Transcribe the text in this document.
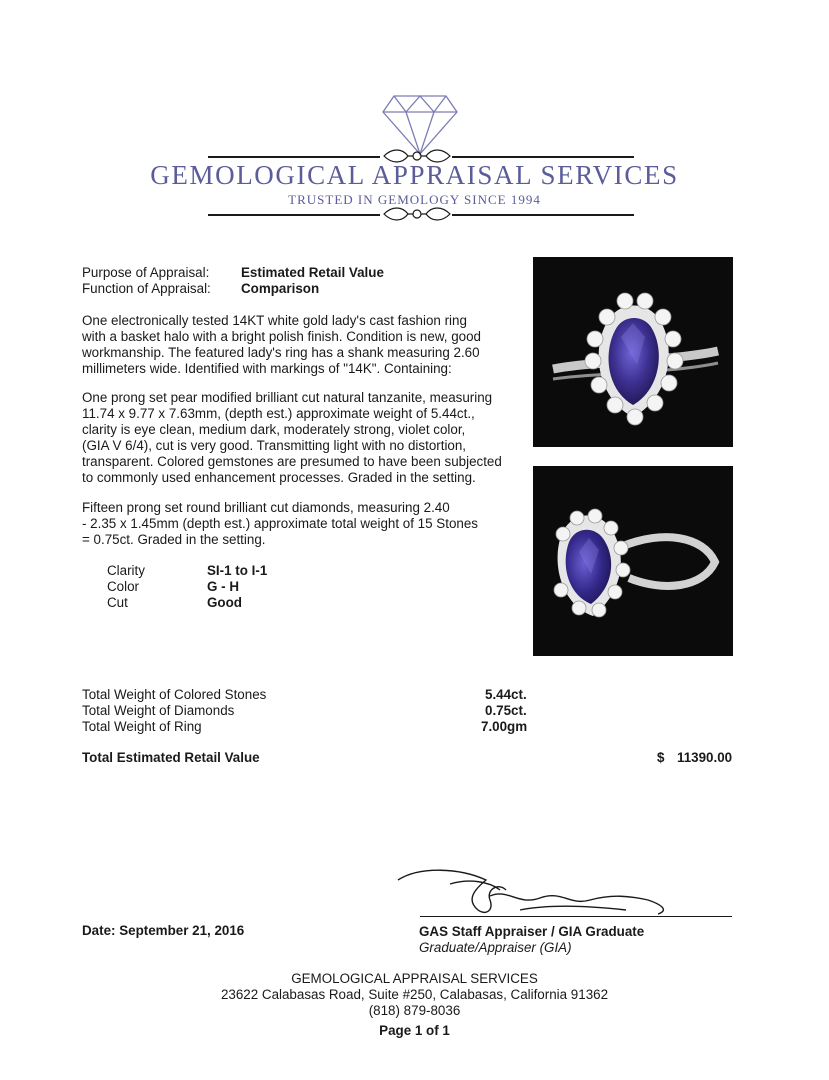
GEMOLOGICAL APPRAISAL SERVICES
TRUSTED IN GEMOLOGY SINCE 1994
Purpose of Appraisal: Estimated Retail Value
Function of Appraisal: Comparison
One electronically tested 14KT white gold lady's cast fashion ring
with a basket halo with a bright polish finish. Condition is new, good
workmanship. The featured lady's ring has a shank measuring 2.60
millimeters wide. Identified with markings of "14K". Containing:
One prong set pear modified brilliant cut natural tanzanite, measuring
11.74 x 9.77 x 7.63mm, (depth est.) approximate weight of 5.44ct.,
clarity is eye clean, medium dark, moderately strong, violet color,
(GIA V 6/4), cut is very good. Transmitting light with no distortion,
transparent. Colored gemstones are presumed to have been subjected
to commonly used enhancement processes. Graded in the setting.
Fifteen prong set round brilliant cut diamonds, measuring 2.40
- 2.35 x 1.45mm (depth est.) approximate total weight of 15 Stones
= 0.75ct. Graded in the setting.
Clarity	SI-1 to I-1
Color	G - H
Cut	Good
Total Weight of Colored Stones	5.44ct.
Total Weight of Diamonds	0.75ct.
Total Weight of Ring	7.00gm
Total Estimated Retail Value	$ 11390.00
Date: September 21, 2016	GAS Staff Appraiser / GIA Graduate
Graduate/Appraiser (GIA)
GEMOLOGICAL APPRAISAL SERVICES
23622 Calabasas Road, Suite #250, Calabasas, California 91362
(818) 879-8036
Page 1 of 1
